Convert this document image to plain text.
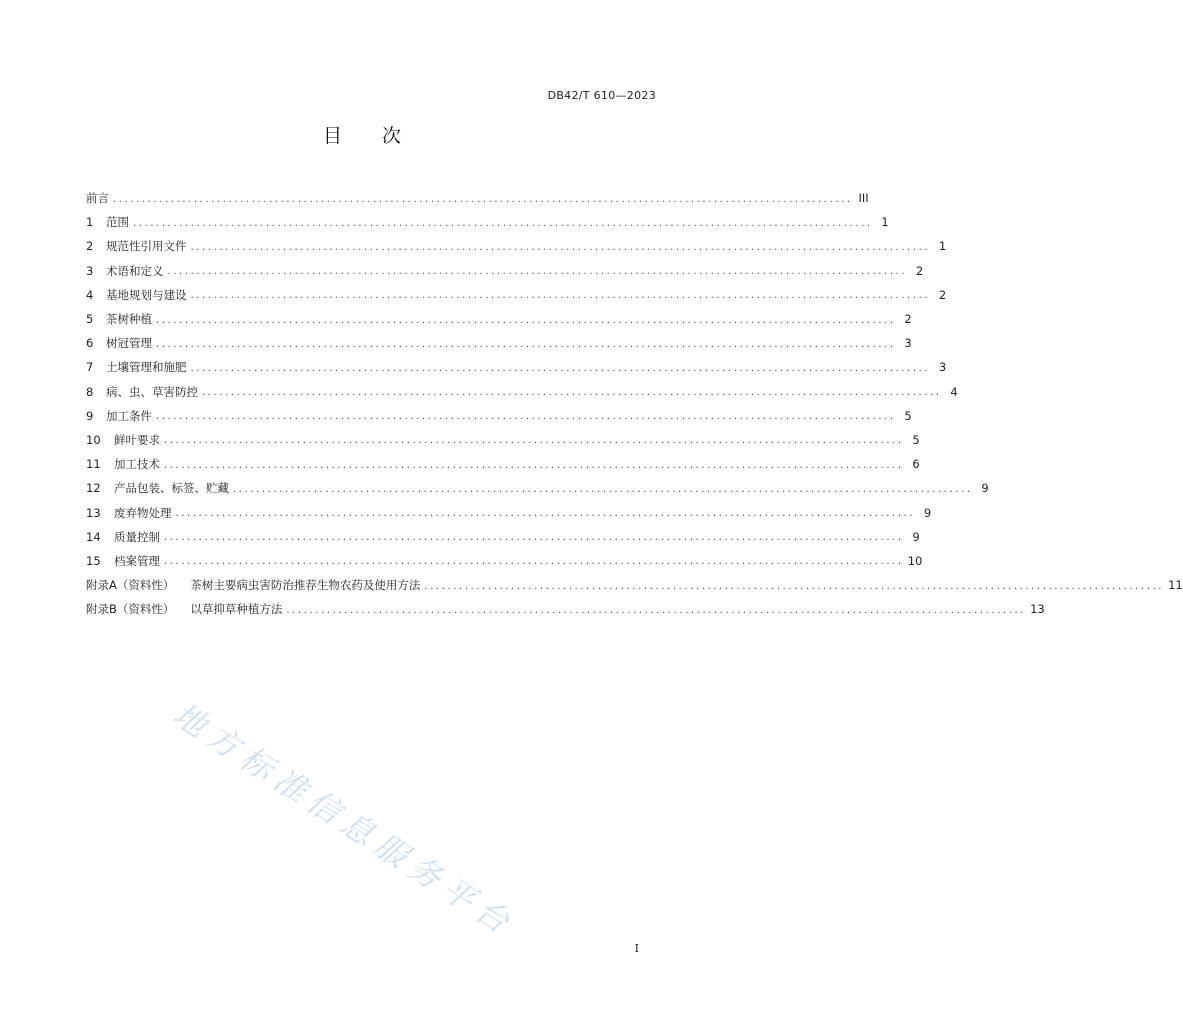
DB42/T 610—2023
目 次
前言 ................................................................................................................................ III
1	范围 ................................................................................................................................ 1
2	规范性引用文件 ................................................................................................................................ 1
3	术语和定义 ................................................................................................................................ 2
4	基地规划与建设 ................................................................................................................................ 2
5	茶树种植 ................................................................................................................................ 2
6	树冠管理 ................................................................................................................................ 3
7	土壤管理和施肥 ................................................................................................................................ 3
8	病、虫、草害防控 ................................................................................................................................ 4
9	加工条件 ................................................................................................................................ 5
10	鲜叶要求 ................................................................................................................................ 5
11	加工技术 ................................................................................................................................ 6
12	产品包装、标签、贮藏 ................................................................................................................................ 9
13	废弃物处理 ................................................................................................................................ 9
14	质量控制 ................................................................................................................................ 9
15	档案管理 ................................................................................................................................ 10
附录A（资料性） 茶树主要病虫害防治推荐生物农药及使用方法 ................................................................................................................................ 11
附录B（资料性） 以草抑草种植方法 ................................................................................................................................ 13
地方标准信息服务平台
I
